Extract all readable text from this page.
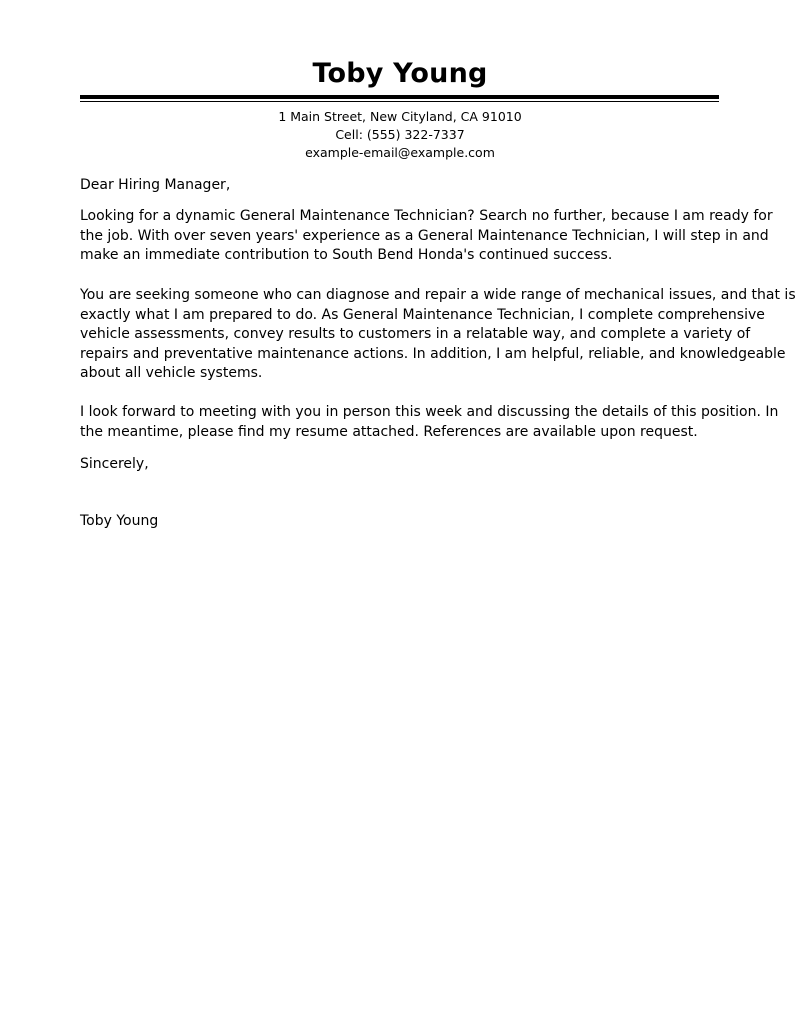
Toby Young
1 Main Street, New Cityland, CA 91010
Cell: (555) 322-7337
example-email@example.com
Dear Hiring Manager,
Looking for a dynamic General Maintenance Technician? Search no further, because I am ready for
the job. With over seven years' experience as a General Maintenance Technician, I will step in and
make an immediate contribution to South Bend Honda's continued success.
You are seeking someone who can diagnose and repair a wide range of mechanical issues, and that is
exactly what I am prepared to do. As General Maintenance Technician, I complete comprehensive
vehicle assessments, convey results to customers in a relatable way, and complete a variety of
repairs and preventative maintenance actions. In addition, I am helpful, reliable, and knowledgeable
about all vehicle systems.
I look forward to meeting with you in person this week and discussing the details of this position. In
the meantime, please find my resume attached. References are available upon request.
Sincerely,
Toby Young
